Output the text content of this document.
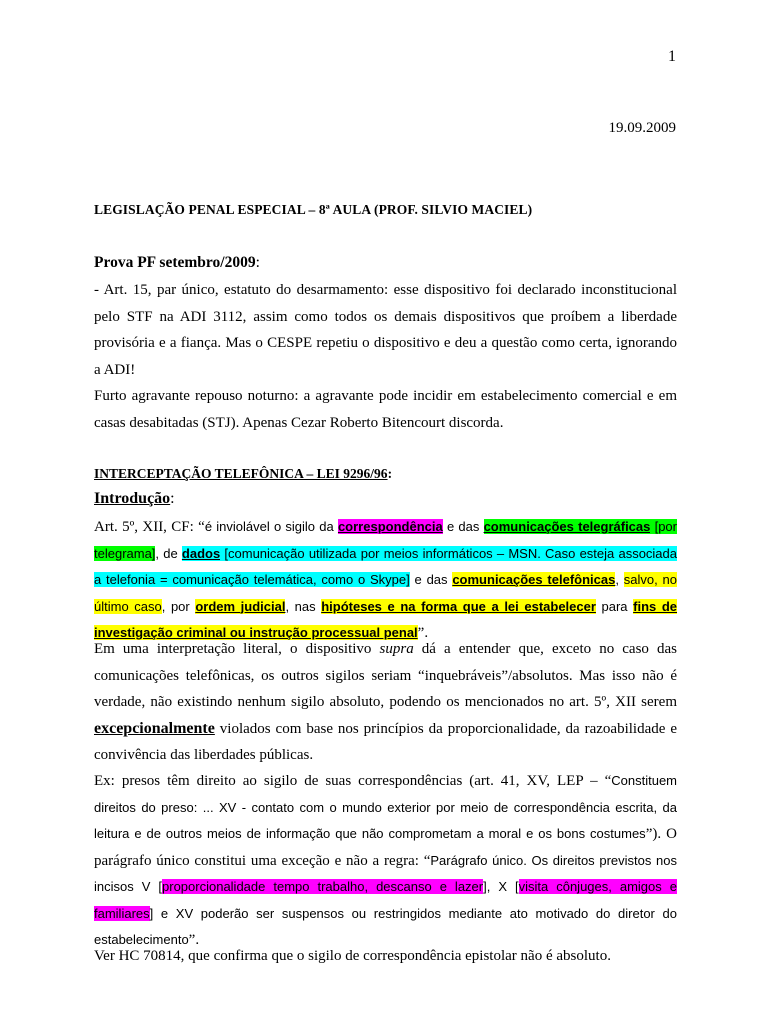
1
19.09.2009
LEGISLAÇÃO PENAL ESPECIAL – 8ª AULA (PROF. SILVIO MACIEL)
Prova PF setembro/2009:
- Art. 15, par único, estatuto do desarmamento: esse dispositivo foi declarado inconstitucional pelo STF na ADI 3112, assim como todos os demais dispositivos que proíbem a liberdade provisória e a fiança. Mas o CESPE repetiu o dispositivo e deu a questão como certa, ignorando a ADI!
Furto agravante repouso noturno: a agravante pode incidir em estabelecimento comercial e em casas desabitadas (STJ). Apenas Cezar Roberto Bitencourt discorda.
INTERCEPTAÇÃO TELEFÔNICA – LEI 9296/96:
Introdução:
Art. 5º, XII, CF: “é inviolável o sigilo da correspondência e das comunicações telegráficas [por telegrama], de dados [comunicação utilizada por meios informáticos – MSN. Caso esteja associada a telefonia = comunicação telemática, como o Skype] e das comunicações telefônicas, salvo, no último caso, por ordem judicial, nas hipóteses e na forma que a lei estabelecer para fins de investigação criminal ou instrução processual penal”.
Em uma interpretação literal, o dispositivo supra dá a entender que, exceto no caso das comunicações telefônicas, os outros sigilos seriam “inquebráveis”/absolutos. Mas isso não é verdade, não existindo nenhum sigilo absoluto, podendo os mencionados no art. 5º, XII serem excepcionalmente violados com base nos princípios da proporcionalidade, da razoabilidade e convivência das liberdades públicas.
Ex: presos têm direito ao sigilo de suas correspondências (art. 41, XV, LEP – “Constituem direitos do preso: ... XV - contato com o mundo exterior por meio de correspondência escrita, da leitura e de outros meios de informação que não comprometam a moral e os bons costumes”). O parágrafo único constitui uma exceção e não a regra: “Parágrafo único. Os direitos previstos nos incisos V [proporcionalidade tempo trabalho, descanso e lazer], X [visita cônjuges, amigos e familiares] e XV poderão ser suspensos ou restringidos mediante ato motivado do diretor do estabelecimento”.
Ver HC 70814, que confirma que o sigilo de correspondência epistolar não é absoluto.
